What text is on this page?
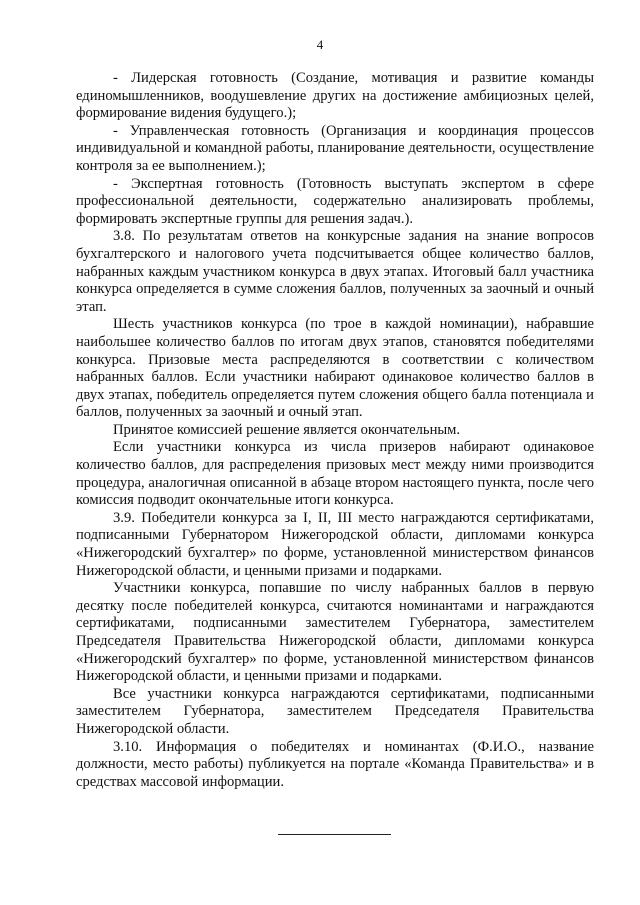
4

- Лидерская готовность (Создание, мотивация и развитие команды единомышленников, воодушевление других на достижение амбициозных целей, формирование видения будущего.);

- Управленческая готовность (Организация и координация процессов индивидуальной и командной работы, планирование деятельности, осуществление контроля за ее выполнением.);

- Экспертная готовность (Готовность выступать экспертом в сфере профессиональной деятельности, содержательно анализировать проблемы, формировать экспертные группы для решения задач.).

3.8. По результатам ответов на конкурсные задания на знание вопросов бухгалтерского и налогового учета подсчитывается общее количество баллов, набранных каждым участником конкурса в двух этапах. Итоговый балл участника конкурса определяется в сумме сложения баллов, полученных за заочный и очный этап.

Шесть участников конкурса (по трое в каждой номинации), набравшие наибольшее количество баллов по итогам двух этапов, становятся победителями конкурса. Призовые места распределяются в соответствии с количеством набранных баллов. Если участники набирают одинаковое количество баллов в двух этапах, победитель определяется путем сложения общего балла потенциала и баллов, полученных за заочный и очный этап.

Принятое комиссией решение является окончательным.

Если участники конкурса из числа призеров набирают одинаковое количество баллов, для распределения призовых мест между ними производится процедура, аналогичная описанной в абзаце втором настоящего пункта, после чего комиссия подводит окончательные итоги конкурса.

3.9. Победители конкурса за I, II, III место награждаются сертификатами, подписанными Губернатором Нижегородской области, дипломами конкурса «Нижегородский бухгалтер» по форме, установленной министерством финансов Нижегородской области, и ценными призами и подарками.

Участники конкурса, попавшие по числу набранных баллов в первую десятку после победителей конкурса, считаются номинантами и награждаются сертификатами, подписанными заместителем Губернатора, заместителем Председателя Правительства Нижегородской области, дипломами конкурса «Нижегородский бухгалтер» по форме, установленной министерством финансов Нижегородской области, и ценными призами и подарками.

Все участники конкурса награждаются сертификатами, подписанными заместителем Губернатора, заместителем Председателя Правительства Нижегородской области.

3.10. Информация о победителях и номинантах (Ф.И.О., название должности, место работы) публикуется на портале «Команда Правительства» и в средствах массовой информации.
